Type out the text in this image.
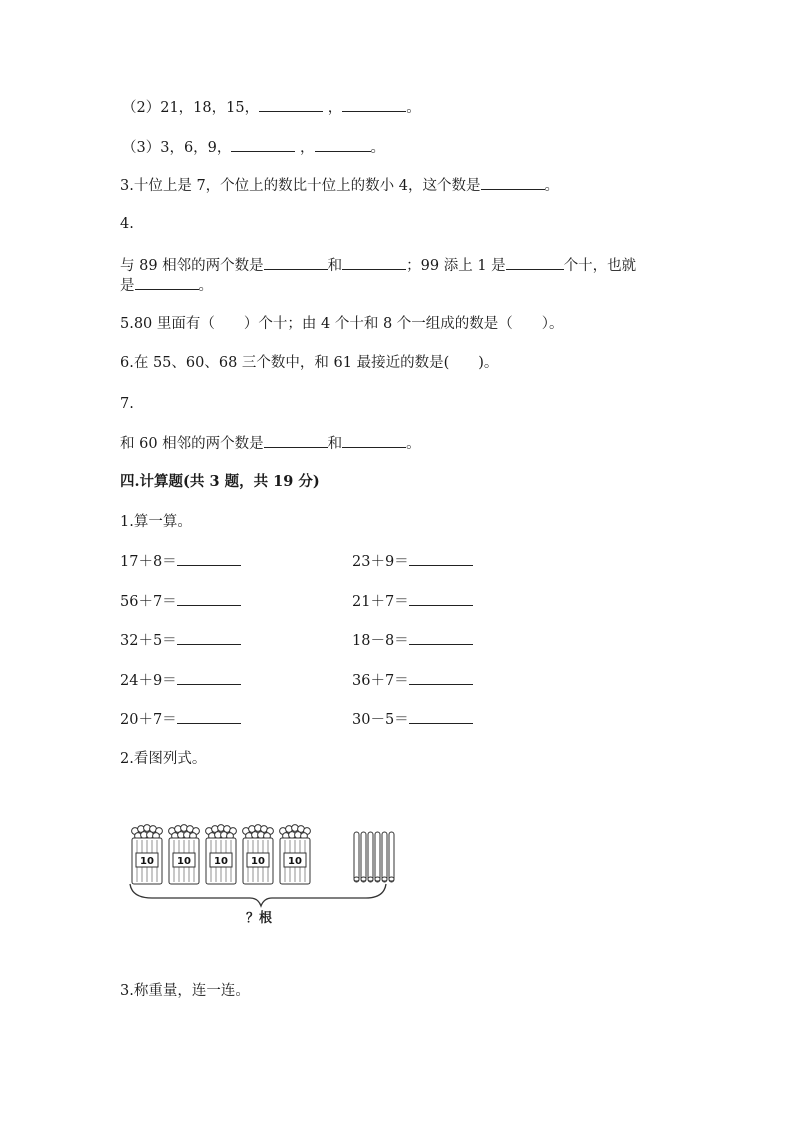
（2）21，18，15，	，	。
（3）3，6，9，	，	。
3.十位上是 7，个位上的数比十位上的数小 4，这个数是	。
4.
与 89 相邻的两个数是	和	；99 添上 1 是	个十，也就
是	。
5.80 里面有（　　）个十；由 4 个十和 8 个一组成的数是（　　）。
6.在 55、60、68 三个数中，和 61 最接近的数是(　　)。
7.
和 60 相邻的两个数是	和	。
四.计算题(共 3 题，共 19 分)
1.算一算。
17＋8＝	23＋9＝
56＋7＝	21＋7＝
32＋5＝	18－8＝
24＋9＝	36＋7＝
20＋7＝	30－5＝
2.看图列式。
10 10 10 10 10
？根
3.称重量，连一连。
